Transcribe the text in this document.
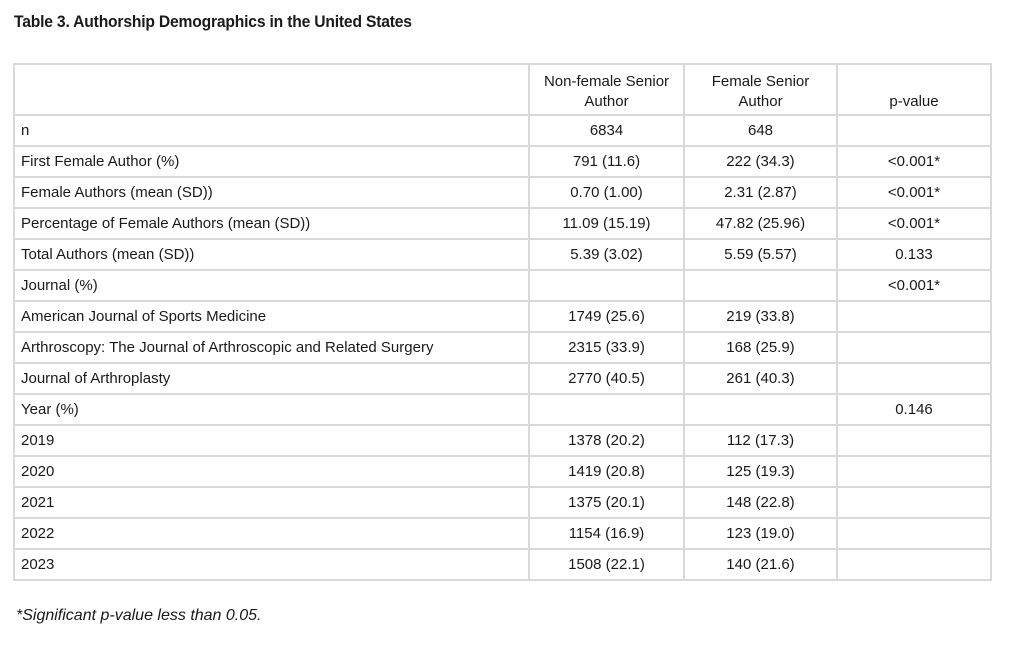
Table 3. Authorship Demographics in the United States
	Non-female Senior Author	Female Senior Author	p-value
n	6834	648	
First Female Author (%)	791 (11.6)	222 (34.3)	<0.001*
Female Authors (mean (SD))	0.70 (1.00)	2.31 (2.87)	<0.001*
Percentage of Female Authors (mean (SD))	11.09 (15.19)	47.82 (25.96)	<0.001*
Total Authors (mean (SD))	5.39 (3.02)	5.59 (5.57)	0.133
Journal (%)			<0.001*
American Journal of Sports Medicine	1749 (25.6)	219 (33.8)	
Arthroscopy: The Journal of Arthroscopic and Related Surgery	2315 (33.9)	168 (25.9)	
Journal of Arthroplasty	2770 (40.5)	261 (40.3)	
Year (%)			0.146
2019	1378 (20.2)	112 (17.3)	
2020	1419 (20.8)	125 (19.3)	
2021	1375 (20.1)	148 (22.8)	
2022	1154 (16.9)	123 (19.0)	
2023	1508 (22.1)	140 (21.6)	
*Significant p-value less than 0.05.
